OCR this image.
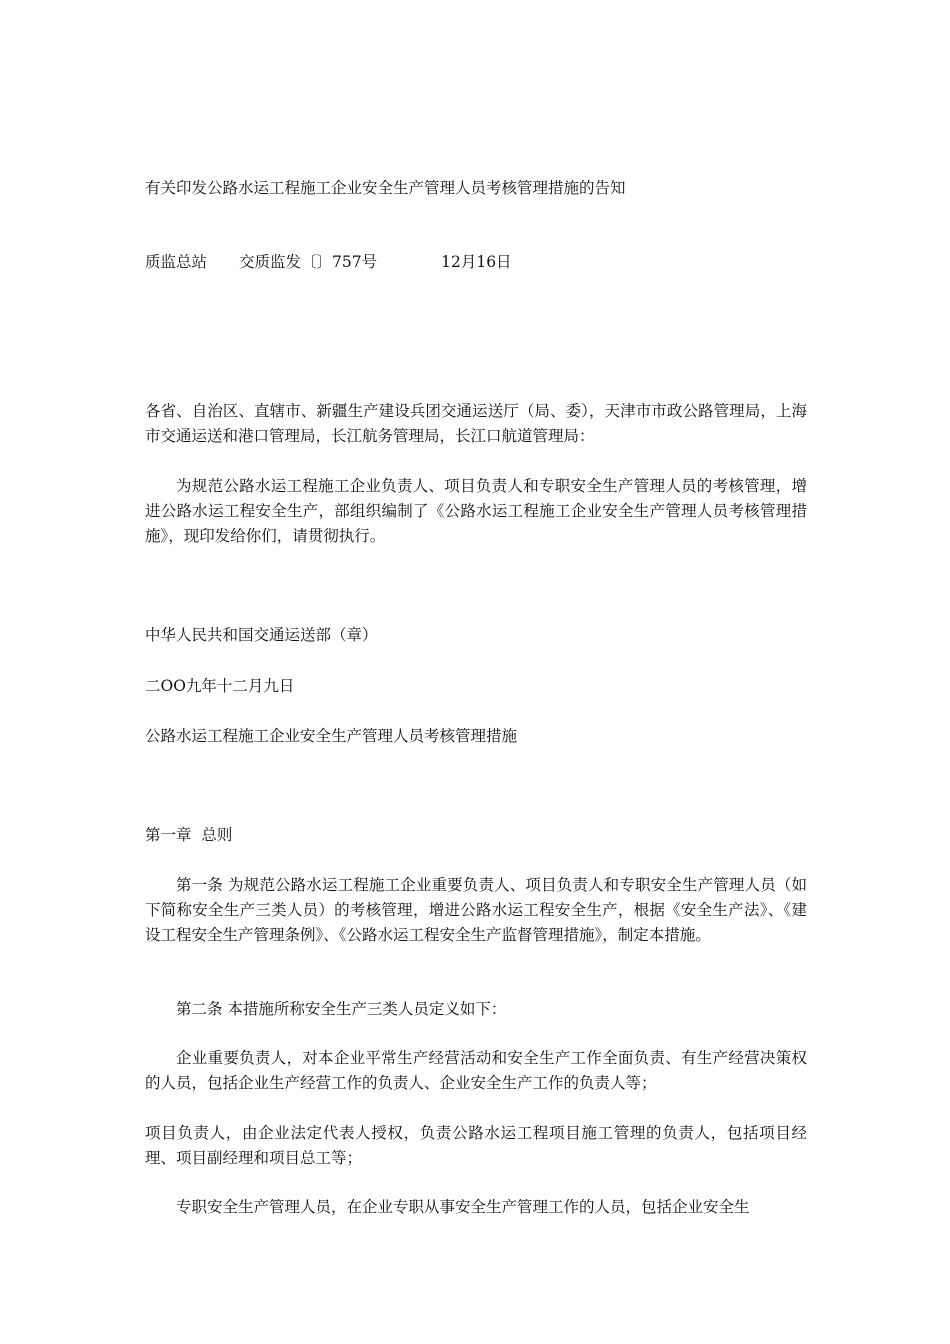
有关印发公路水运工程施工企业安全生产管理人员考核管理措施的告知
质监总站 交质监发〔〕757号	12月16日
各省、自治区、直辖市、新疆生产建设兵团交通运送厅（局、委），天津市市政公路管理局，上海市交通运送和港口管理局，长江航务管理局，长江口航道管理局：
为规范公路水运工程施工企业负责人、项目负责人和专职安全生产管理人员的考核管理，增进公路水运工程安全生产，部组织编制了《公路水运工程施工企业安全生产管理人员考核管理措施》，现印发给你们，请贯彻执行。
中华人民共和国交通运送部（章）
二OO九年十二月九日
公路水运工程施工企业安全生产管理人员考核管理措施
第一章  总则
第一条 为规范公路水运工程施工企业重要负责人、项目负责人和专职安全生产管理人员（如下简称安全生产三类人员）的考核管理，增进公路水运工程安全生产，根据《安全生产法》、《建设工程安全生产管理条例》、《公路水运工程安全生产监督管理措施》，制定本措施。
第二条 本措施所称安全生产三类人员定义如下：
企业重要负责人，对本企业平常生产经营活动和安全生产工作全面负责、有生产经营决策权的人员，包括企业生产经营工作的负责人、企业安全生产工作的负责人等；
项目负责人，由企业法定代表人授权，负责公路水运工程项目施工管理的负责人，包括项目经理、项目副经理和项目总工等；
专职安全生产管理人员，在企业专职从事安全生产管理工作的人员，包括企业安全生
